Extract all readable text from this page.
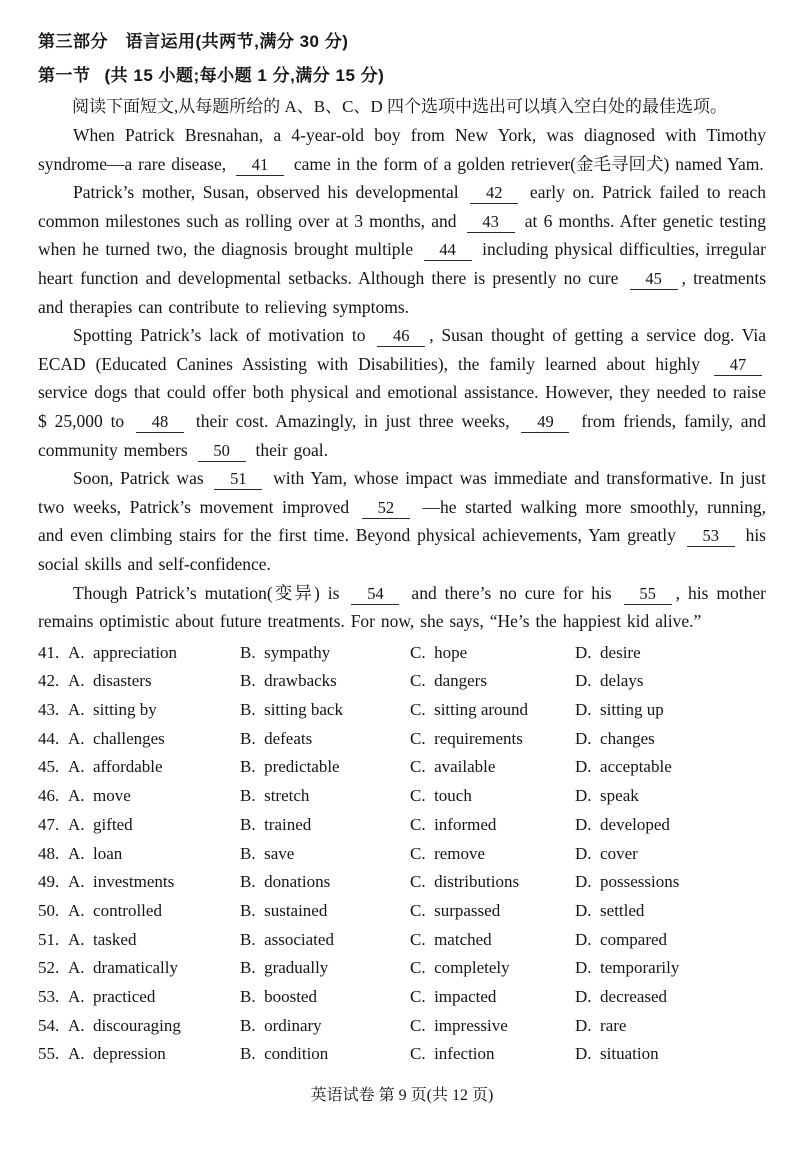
第三部分　语言运用(共两节,满分 30 分)
第一节 (共 15 小题;每小题 1 分,满分 15 分)

阅读下面短文,从每题所给的 A、B、C、D 四个选项中选出可以填入空白处的最佳选项。

When Patrick Bresnahan, a 4-year-old boy from New York, was diagnosed with Timothy syndrome—a rare disease, 41 came in the form of a golden retriever(金毛寻回犬) named Yam.

Patrick’s mother, Susan, observed his developmental 42 early on. Patrick failed to reach common milestones such as rolling over at 3 months, and 43 at 6 months. After genetic testing when he turned two, the diagnosis brought multiple 44 including physical difficulties, irregular heart function and developmental setbacks. Although there is presently no cure 45 , treatments and therapies can contribute to relieving symptoms.

Spotting Patrick’s lack of motivation to 46 , Susan thought of getting a service dog. Via ECAD (Educated Canines Assisting with Disabilities), the family learned about highly 47 service dogs that could offer both physical and emotional assistance. However, they needed to raise $ 25,000 to 48 their cost. Amazingly, in just three weeks, 49 from friends, family, and community members 50 their goal.

Soon, Patrick was 51 with Yam, whose impact was immediate and transformative. In just two weeks, Patrick’s movement improved 52 —he started walking more smoothly, running, and even climbing stairs for the first time. Beyond physical achievements, Yam greatly 53 his social skills and self-confidence.

Though Patrick’s mutation(变异) is 54 and there’s no cure for his 55 , his mother remains optimistic about future treatments. For now, she says, “He’s the happiest kid alive.”

41. A.  appreciation	B.  sympathy	C.  hope	D.  desire
42. A.  disasters	B.  drawbacks	C.  dangers	D.  delays
43. A.  sitting by	B.  sitting back	C.  sitting around	D.  sitting up
44. A.  challenges	B.  defeats	C.  requirements	D.  changes
45. A.  affordable	B.  predictable	C.  available	D.  acceptable
46. A.  move	B.  stretch	C.  touch	D.  speak
47. A.  gifted	B.  trained	C.  informed	D.  developed
48. A.  loan	B.  save	C.  remove	D.  cover
49. A.  investments	B.  donations	C.  distributions	D.  possessions
50. A.  controlled	B.  sustained	C.  surpassed	D.  settled
51. A.  tasked	B.  associated	C.  matched	D.  compared
52. A.  dramatically	B.  gradually	C.  completely	D.  temporarily
53. A.  practiced	B.  boosted	C.  impacted	D.  decreased
54. A.  discouraging	B.  ordinary	C.  impressive	D.  rare
55. A.  depression	B.  condition	C.  infection	D.  situation
英语试卷 第 9 页(共 12 页)
